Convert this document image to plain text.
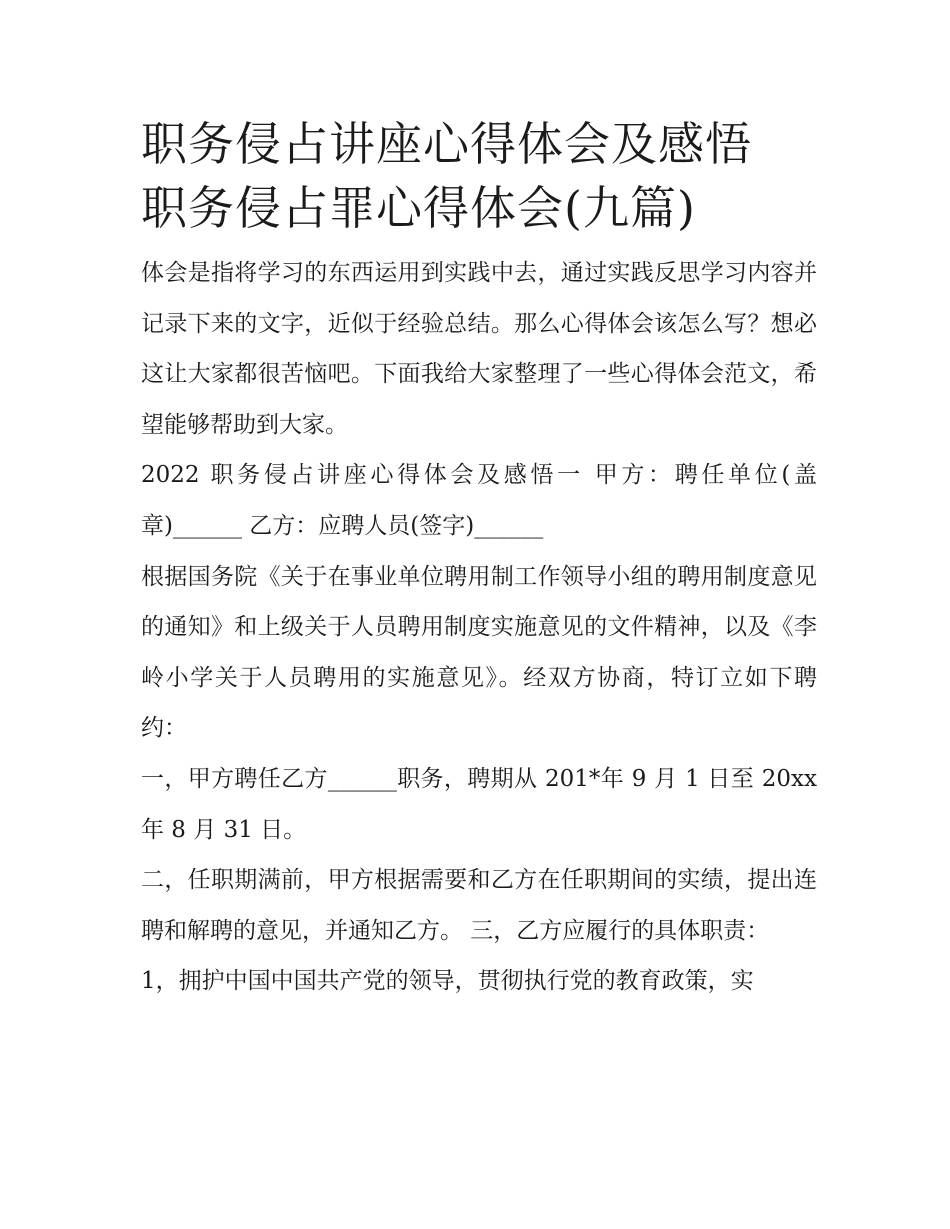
职务侵占讲座心得体会及感悟
职务侵占罪心得体会(九篇)

体会是指将学习的东西运用到实践中去，通过实践反思学习内容并记录下来的文字，近似于经验总结。那么心得体会该怎么写？想必这让大家都很苦恼吧。下面我给大家整理了一些心得体会范文，希望能够帮助到大家。

2022 职务侵占讲座心得体会及感悟一 甲方：聘任单位(盖章)______ 乙方：应聘人员(签字)______

根据国务院《关于在事业单位聘用制工作领导小组的聘用制度意见的通知》和上级关于人员聘用制度实施意见的文件精神，以及《李岭小学关于人员聘用的实施意见》。经双方协商，特订立如下聘约：

一，甲方聘任乙方______职务，聘期从 201*年 9 月 1 日至 20xx 年 8 月 31 日。

二，任职期满前，甲方根据需要和乙方在任职期间的实绩，提出连聘和解聘的意见，并通知乙方。 三，乙方应履行的具体职责：

1，拥护中国中国共产党的领导，贯彻执行党的教育政策，实
